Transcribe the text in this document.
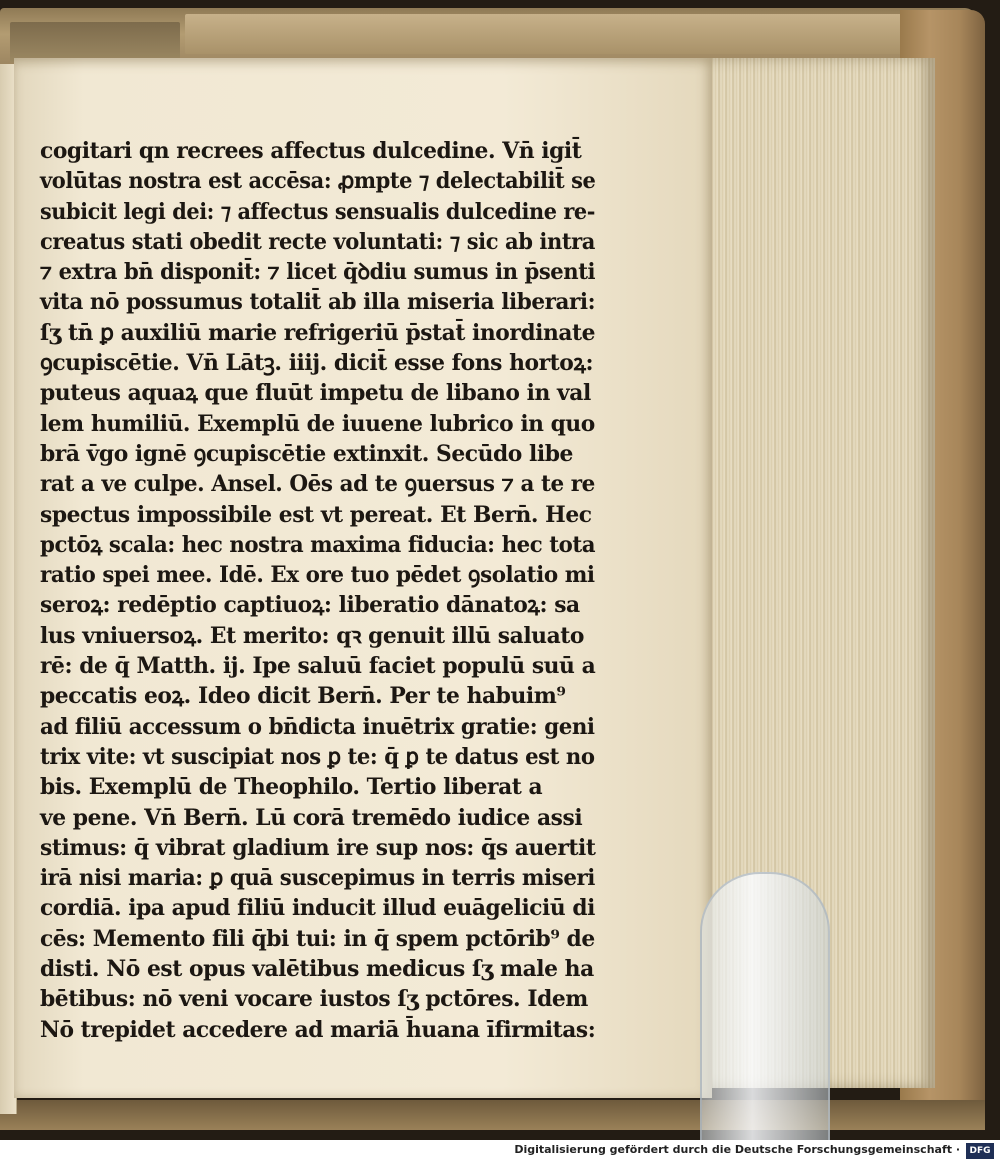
cogitari qn recrees affectus dulcedine. Vn̄ igit̄
volūtas nostra est accēsa: ꝓmpte ⁊ delectabilit̄ se
subicit legi dei: ⁊ affectus sensualis dulcedine re-
creatus stati obedit recte voluntati: ⁊ sic ab intra
⁊ extra bn̄ disponit̄: ⁊ licet q̄ꝺdiu sumus in p̄senti
vita nō possumus totalit̄ ab illa miseria liberari:
ſʒ tn̄ ꝑ auxiliū marie refrigeriū p̄stat̄ inordinate
ꝯcupiscētie. Vn̄ Lātꝫ. iiij. dicit̄ esse fons hortoꝝ:
puteus aquaꝝ que fluūt impetu de libano in val
lem humiliū. Exemplū de iuuene lubrico in quo
brā v̄go ignē ꝯcupiscētie extinxit. Secūdo libe
rat a ve culpe. Ansel. Oēs ad te ꝯuersus ⁊ a te re
spectus impossibile est vt pereat. Et Bern̄. Hec
pctōꝝ scala: hec nostra maxima fiducia: hec tota
ratio spei mee. Idē. Ex ore tuo pēdet ꝯsolatio mi
seroꝝ: redēptio captiuoꝝ: liberatio dānatoꝝ: sa
lus vniuersoꝝ. Et merito: qꝛ genuit illū saluato
rē: de q̄ Matth. ij. Ipe saluū faciet populū suū a
peccatis eoꝝ. Ideo dicit Bern̄. Per te habuim⁹
ad filiū accessum o bn̄dicta inuētrix gratie: geni
trix vite: vt suscipiat nos ꝑ te: q̄ ꝑ te datus est no
bis. Exemplū de Theophilo. Tertio liberat a
ve pene. Vn̄ Bern̄. Lū corā tremēdo iudice assi
stimus: q̄ vibrat gladium ire sup nos: q̄s auertit
irā nisi maria: ꝑ quā suscepimus in terris miseri
cordiā. ipa apud filiū inducit illud euāgeliciū di
cēs: Memento fili q̄bi tui: in q̄ spem pctōrib⁹ de
disti. Nō est opus valētibus medicus ſʒ male ha
bētibus: nō veni vocare iustos ſʒ pctōres. Idem
Nō trepidet accedere ad mariā h̄uana īfirmitas:
Digitalisierung gefördert durch die Deutsche Forschungsgemeinschaft ·	DFG
